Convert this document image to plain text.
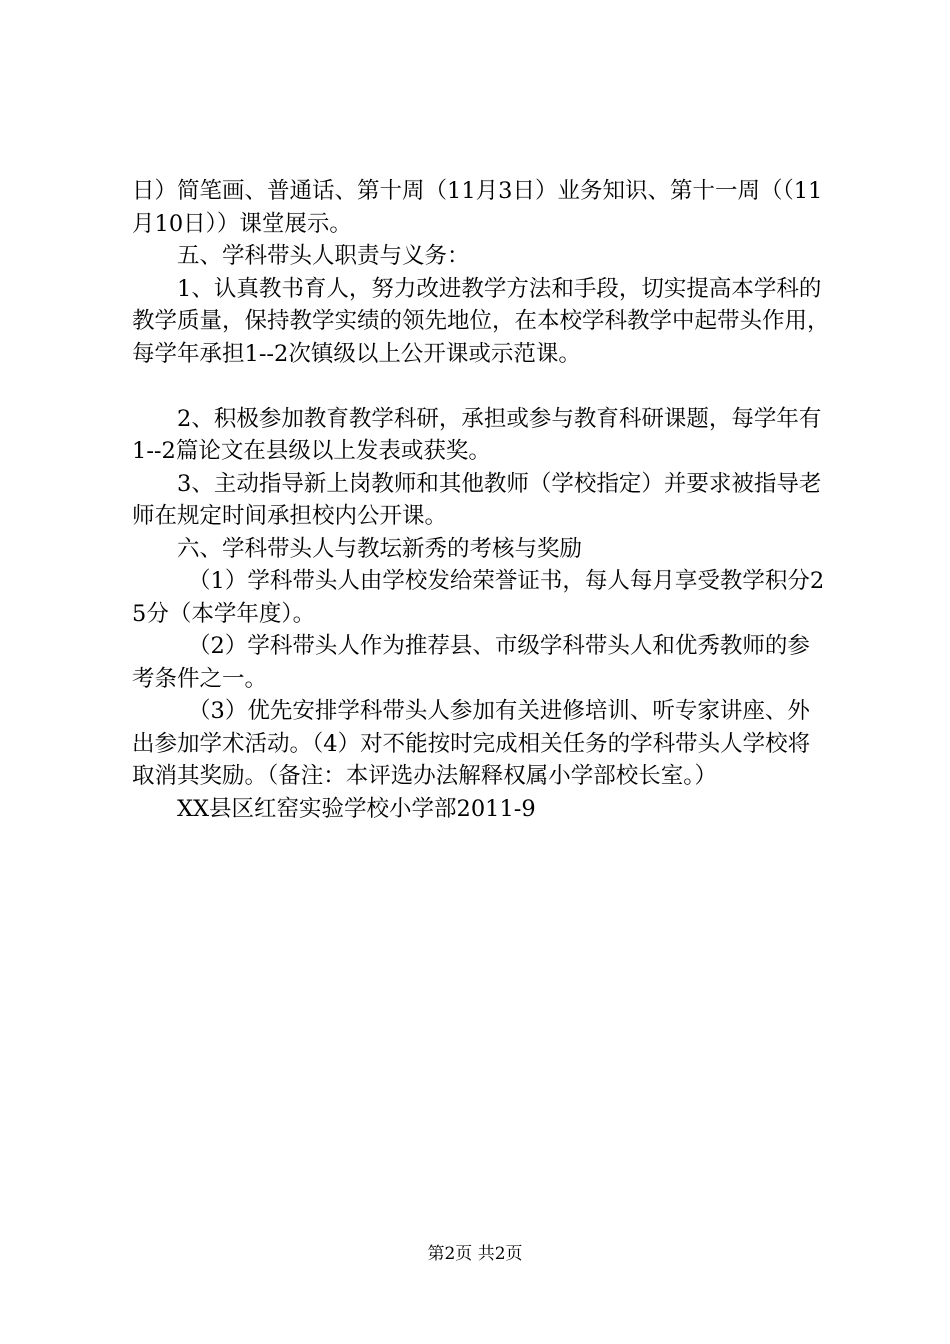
日）简笔画、普通话、第十周（11月3日）业务知识、第十一周（（11月10日））课堂展示。

五、学科带头人职责与义务：

1、认真教书育人，努力改进教学方法和手段，切实提高本学科的教学质量，保持教学实绩的领先地位，在本校学科教学中起带头作用，每学年承担1--2次镇级以上公开课或示范课。

2、积极参加教育教学科研，承担或参与教育科研课题，每学年有1--2篇论文在县级以上发表或获奖。

3、主动指导新上岗教师和其他教师（学校指定）并要求被指导老师在规定时间承担校内公开课。

六、学科带头人与教坛新秀的考核与奖励

（1）学科带头人由学校发给荣誉证书，每人每月享受教学积分25分（本学年度）。

（2）学科带头人作为推荐县、市级学科带头人和优秀教师的参考条件之一。

（3）优先安排学科带头人参加有关进修培训、听专家讲座、外出参加学术活动。（4）对不能按时完成相关任务的学科带头人学校将取消其奖励。（备注：本评选办法解释权属小学部校长室。）

XX县区红窑实验学校小学部2011-9

第2页 共2页
